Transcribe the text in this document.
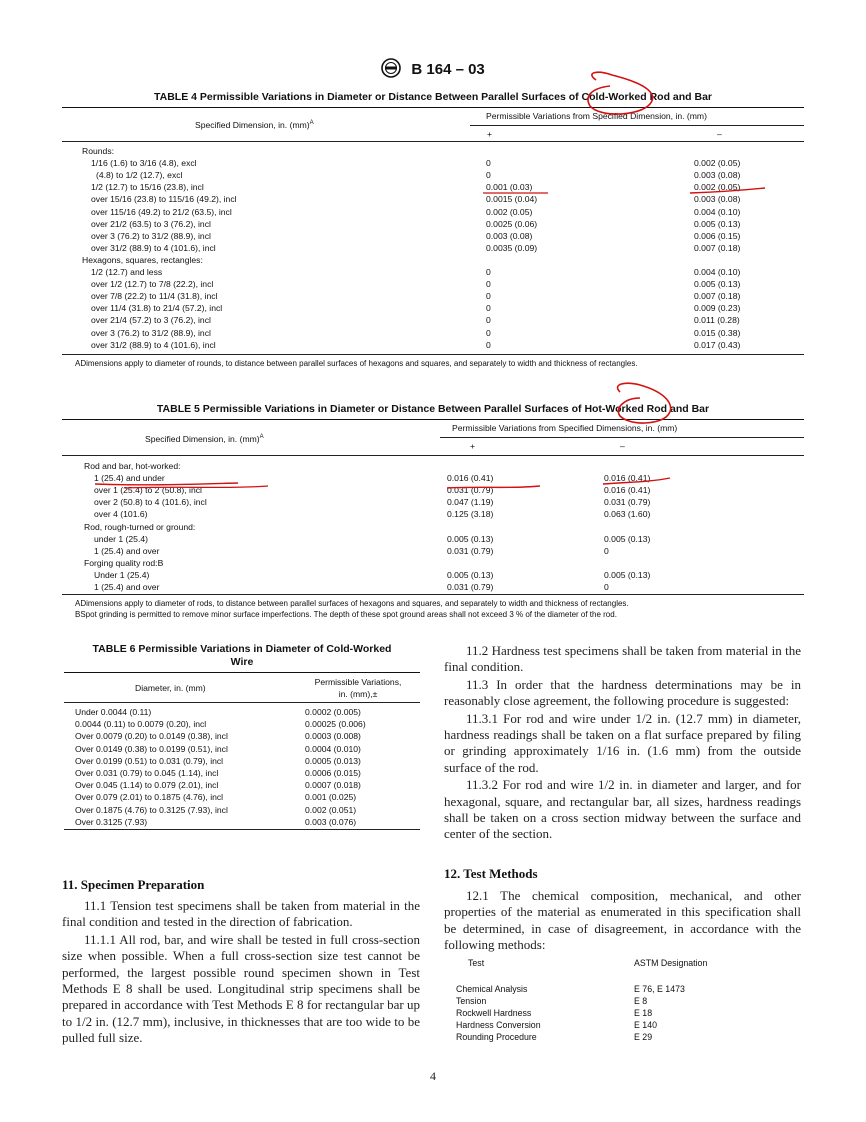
B 164 – 03
TABLE 4 Permissible Variations in Diameter or Distance Between Parallel Surfaces of Cold-Worked Rod and Bar
Specified Dimension, in. (mm)$^A$
Permissible Variations from Specified Dimension, in. (mm)
+	–
Rounds:
1/16 (1.6) to 3/16 (4.8), excl	0	0.002 (0.05)
(4.8) to 1/2 (12.7), excl	0	0.003 (0.08)
1/2 (12.7) to 15/16 (23.8), incl	0.001 (0.03)	0.002 (0.05)
over 15/16 (23.8) to 115/16 (49.2), incl	0.0015 (0.04)	0.003 (0.08)
over 115/16 (49.2) to 21/2 (63.5), incl	0.002 (0.05)	0.004 (0.10)
over 21/2 (63.5) to 3 (76.2), incl	0.0025 (0.06)	0.005 (0.13)
over 3 (76.2) to 31/2 (88.9), incl	0.003 (0.08)	0.006 (0.15)
over 31/2 (88.9) to 4 (101.6), incl	0.0035 (0.09)	0.007 (0.18)
Hexagons, squares, rectangles:
1/2 (12.7) and less	0	0.004 (0.10)
over 1/2 (12.7) to 7/8 (22.2), incl	0	0.005 (0.13)
over 7/8 (22.2) to 11/4 (31.8), incl	0	0.007 (0.18)
over 11/4 (31.8) to 21/4 (57.2), incl	0	0.009 (0.23)
over 21/4 (57.2) to 3 (76.2), incl	0	0.011 (0.28)
over 3 (76.2) to 31/2 (88.9), incl	0	0.015 (0.38)
over 31/2 (88.9) to 4 (101.6), incl	0	0.017 (0.43)
ADimensions apply to diameter of rounds, to distance between parallel surfaces of hexagons and squares, and separately to width and thickness of rectangles.
TABLE 5 Permissible Variations in Diameter or Distance Between Parallel Surfaces of Hot-Worked Rod and Bar
Specified Dimension, in. (mm)$^A$
Permissible Variations from Specified Dimensions, in. (mm)
+	–
Rod and bar, hot-worked:
1 (25.4) and under	0.016 (0.41)	0.016 (0.41)
over 1 (25.4) to 2 (50.8), incl	0.031 (0.79)	0.016 (0.41)
over 2 (50.8) to 4 (101.6), incl	0.047 (1.19)	0.031 (0.79)
over 4 (101.6)	0.125 (3.18)	0.063 (1.60)
Rod, rough-turned or ground:
under 1 (25.4)	0.005 (0.13)	0.005 (0.13)
1 (25.4) and over	0.031 (0.79)	0
Forging quality rod:B
Under 1 (25.4)	0.005 (0.13)	0.005 (0.13)
1 (25.4) and over	0.031 (0.79)	0
ADimensions apply to diameter of rods, to distance between parallel surfaces of hexagons and squares, and separately to width and thickness of rectangles.
BSpot grinding is permitted to remove minor surface imperfections. The depth of these spot ground areas shall not exceed 3 % of the diameter of the rod.
TABLE 6 Permissible Variations in Diameter of Cold-Worked
Wire
Diameter, in. (mm)
Permissible Variations,
in. (mm),±
Under 0.0044 (0.11)	0.0002 (0.005)
0.0044 (0.11) to 0.0079 (0.20), incl	0.00025 (0.006)
Over 0.0079 (0.20) to 0.0149 (0.38), incl	0.0003 (0.008)
Over 0.0149 (0.38) to 0.0199 (0.51), incl	0.0004 (0.010)
Over 0.0199 (0.51) to 0.031 (0.79), incl	0.0005 (0.013)
Over 0.031 (0.79) to 0.045 (1.14), incl	0.0006 (0.015)
Over 0.045 (1.14) to 0.079 (2.01), incl	0.0007 (0.018)
Over 0.079 (2.01) to 0.1875 (4.76), incl	0.001 (0.025)
Over 0.1875 (4.76) to 0.3125 (7.93), incl	0.002 (0.051)
Over 0.3125 (7.93)	0.003 (0.076)
11. Specimen Preparation

11.1 Tension test specimens shall be taken from material in the final condition and tested in the direction of fabrication.

11.1.1 All rod, bar, and wire shall be tested in full cross-section size when possible. When a full cross-section size test cannot be performed, the largest possible round specimen shown in Test Methods E 8 shall be used. Longitudinal strip specimens shall be prepared in accordance with Test Methods E 8 for rectangular bar up to 1/2 in. (12.7 mm), inclusive, in thicknesses that are too wide to be pulled full size.

11.2 Hardness test specimens shall be taken from material in the final condition.

11.3 In order that the hardness determinations may be in reasonably close agreement, the following procedure is suggested:

11.3.1 For rod and wire under 1/2 in. (12.7 mm) in diameter, hardness readings shall be taken on a flat surface prepared by filing or grinding approximately 1/16 in. (1.6 mm) from the outside surface of the rod.

11.3.2 For rod and wire 1/2 in. in diameter and larger, and for hexagonal, square, and rectangular bar, all sizes, hardness readings shall be taken on a cross section midway between the surface and center of the section.

12. Test Methods

12.1 The chemical composition, mechanical, and other properties of the material as enumerated in this specification shall be determined, in case of disagreement, in accordance with the following methods:

Test	ASTM Designation
Chemical Analysis	E 76, E 1473
Tension	E 8
Rockwell Hardness	E 18
Hardness Conversion	E 140
Rounding Procedure	E 29
4
